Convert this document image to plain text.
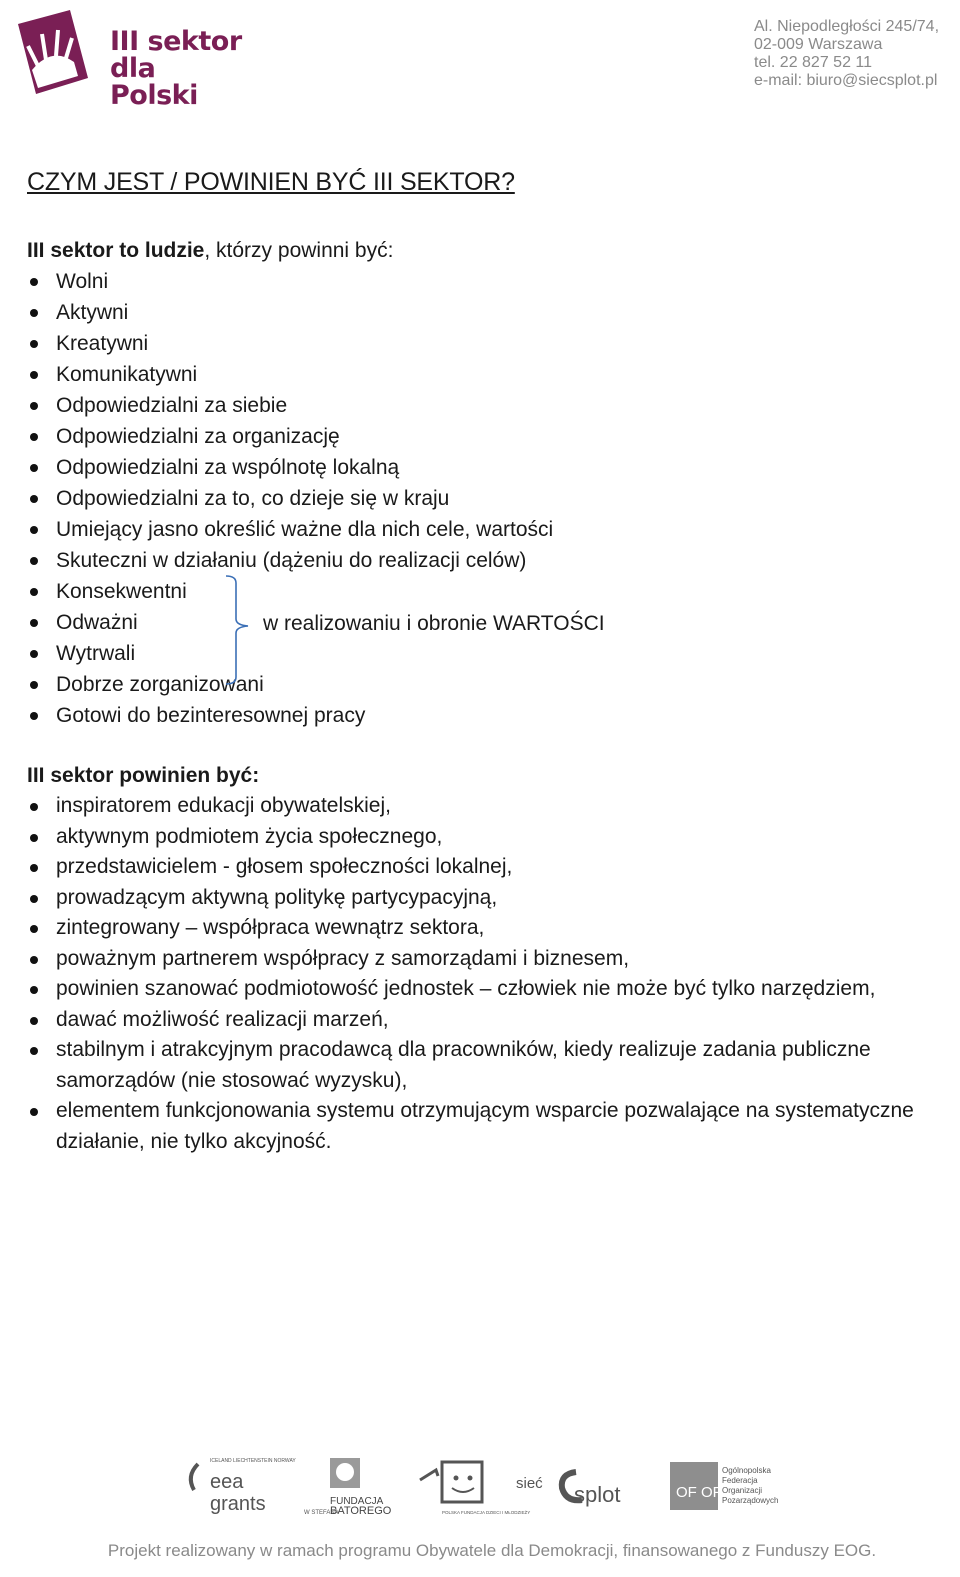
III sektor
dla Polski
Al. Niepodległości 245/74,
02-009 Warszawa
tel. 22 827 52 11
e-mail: biuro@siecsplot.pl
CZYM JEST / POWINIEN BYĆ III SEKTOR?
III sektor to ludzie, którzy powinni być:
Wolni
Aktywni
Kreatywni
Komunikatywni
Odpowiedzialni za siebie
Odpowiedzialni za organizację
Odpowiedzialni za wspólnotę lokalną
Odpowiedzialni za to, co dzieje się w kraju
Umiejący jasno określić ważne dla nich cele, wartości
Skuteczni w działaniu (dążeniu do realizacji celów)
Konsekwentni
Odważni
Wytrwali
Dobrze zorganizowani
Gotowi do bezinteresownej pracy
w realizowaniu i obronie WARTOŚCI
III sektor powinien być:
inspiratorem edukacji obywatelskiej,
aktywnym podmiotem życia społecznego,
przedstawicielem - głosem społeczności lokalnej,
prowadzącym aktywną politykę partycypacyjną,
zintegrowany – współpraca wewnątrz sektora,
poważnym partnerem współpracy z samorządami i biznesem,
powinien szanować podmiotowość jednostek – człowiek nie może być tylko narzędziem,
dawać możliwość realizacji marzeń,
stabilnym i atrakcyjnym pracodawcą dla pracowników, kiedy realizuje zadania publiczne samorządów (nie stosować wyzysku),
elementem funkcjonowania systemu otrzymującym wsparcie pozwalające na systematyczne działanie, nie tylko akcyjność.
ICELAND LIECHTENSTEIN NORWAY
eea
grants	W STEFANA
FUNDACJA
BATOREGO	POLSKA FUNDACJA DZIECI I MŁODZIEŻY
sieć splot	OF OP
Ogólnopolska
Federacja
Organizacji
Pozarządowych
Projekt realizowany w ramach programu Obywatele dla Demokracji, finansowanego z Funduszy EOG.
